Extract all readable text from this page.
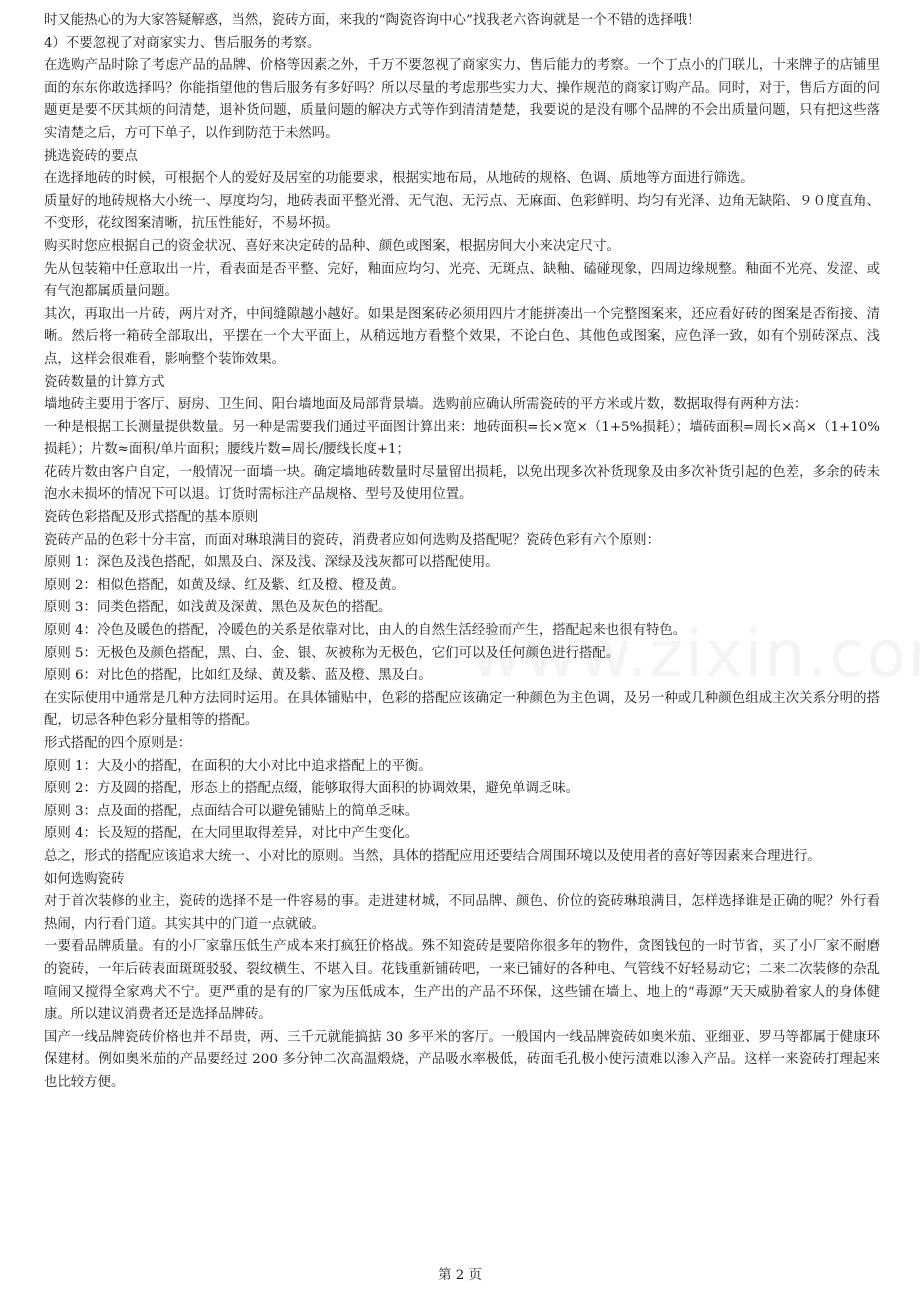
时又能热心的为大家答疑解惑，当然，瓷砖方面，来我的“陶瓷咨询中心”找我老六咨询就是一个不错的选择哦！

4）不要忽视了对商家实力、售后服务的考察。

在选购产品时除了考虑产品的品牌、价格等因素之外，千万不要忽视了商家实力、售后能力的考察。一个丁点小的门联儿，十来牌子的店铺里面的东东你敢选择吗？你能指望他的售后服务有多好吗？所以尽量的考虑那些实力大、操作规范的商家订购产品。同时，对于，售后方面的问题更是要不厌其烦的问清楚，退补货问题，质量问题的解决方式等作到清清楚楚，我要说的是没有哪个品牌的不会出质量问题，只有把这些落实清楚之后，方可下单子，以作到防范于未然吗。

挑选瓷砖的要点

在选择地砖的时候，可根据个人的爱好及居室的功能要求，根据实地布局，从地砖的规格、色调、质地等方面进行筛选。

质量好的地砖规格大小统一、厚度均匀，地砖表面平整光滑、无气泡、无污点、无麻面、色彩鲜明、均匀有光泽、边角无缺陷、９０度直角、不变形，花纹图案清晰，抗压性能好，不易坏损。

购买时您应根据自己的资金状况、喜好来决定砖的品种、颜色或图案，根据房间大小来决定尺寸。

先从包装箱中任意取出一片，看表面是否平整、完好，釉面应均匀、光亮、无斑点、缺釉、磕碰现象，四周边缘规整。釉面不光亮、发涩、或有气泡都属质量问题。

其次，再取出一片砖，两片对齐，中间缝隙越小越好。如果是图案砖必须用四片才能拼凑出一个完整图案来，还应看好砖的图案是否衔接、清晰。然后将一箱砖全部取出，平摆在一个大平面上，从稍远地方看整个效果，不论白色、其他色或图案，应色泽一致，如有个别砖深点、浅点，这样会很难看，影响整个装饰效果。

瓷砖数量的计算方式

墙地砖主要用于客厅、厨房、卫生间、阳台墙地面及局部背景墙。选购前应确认所需瓷砖的平方米或片数，数据取得有两种方法：

一种是根据工长测量提供数量。另一种是需要我们通过平面图计算出来：地砖面积=长×宽×（1+5%损耗）；墙砖面积=周长×高×（1+10%损耗）；片数≈面积/单片面积；腰线片数=周长/腰线长度+1；

花砖片数由客户自定，一般情况一面墙一块。确定墙地砖数量时尽量留出损耗，以免出现多次补货现象及由多次补货引起的色差，多余的砖未泡水未损坏的情况下可以退。订货时需标注产品规格、型号及使用位置。

瓷砖色彩搭配及形式搭配的基本原则

瓷砖产品的色彩十分丰富，而面对琳琅满目的瓷砖，消费者应如何选购及搭配呢？瓷砖色彩有六个原则：

原则 1：深色及浅色搭配，如黑及白、深及浅、深绿及浅灰都可以搭配使用。

原则 2：相似色搭配，如黄及绿、红及紫、红及橙、橙及黄。

原则 3：同类色搭配，如浅黄及深黄、黑色及灰色的搭配。

原则 4：冷色及暖色的搭配，冷暖色的关系是依靠对比，由人的自然生活经验而产生，搭配起来也很有特色。

原则 5：无极色及颜色搭配，黑、白、金、银、灰被称为无极色，它们可以及任何颜色进行搭配。

原则 6：对比色的搭配，比如红及绿、黄及紫、蓝及橙、黑及白。

在实际使用中通常是几种方法同时运用。在具体铺贴中，色彩的搭配应该确定一种颜色为主色调，及另一种或几种颜色组成主次关系分明的搭配，切忌各种色彩分量相等的搭配。

形式搭配的四个原则是：

原则 1：大及小的搭配，在面积的大小对比中追求搭配上的平衡。

原则 2：方及圆的搭配，形态上的搭配点缀，能够取得大面积的协调效果，避免单调乏味。

原则 3：点及面的搭配，点面结合可以避免铺贴上的简单乏味。

原则 4：长及短的搭配，在大同里取得差异，对比中产生变化。

总之，形式的搭配应该追求大统一、小对比的原则。当然，具体的搭配应用还要结合周围环境以及使用者的喜好等因素来合理进行。

如何选购瓷砖

对于首次装修的业主，瓷砖的选择不是一件容易的事。走进建材城，不同品牌、颜色、价位的瓷砖琳琅满目，怎样选择谁是正确的呢？外行看热闹，内行看门道。其实其中的门道一点就破。

一要看品牌质量。有的小厂家靠压低生产成本来打疯狂价格战。殊不知瓷砖是要陪你很多年的物件，贪图钱包的一时节省，买了小厂家不耐磨的瓷砖，一年后砖表面斑斑驳驳、裂纹横生、不堪入目。花钱重新铺砖吧，一来已铺好的各种电、气管线不好轻易动它；二来二次装修的杂乱喧闹又搅得全家鸡犬不宁。更严重的是有的厂家为压低成本，生产出的产品不环保，这些铺在墙上、地上的“毒源”天天威胁着家人的身体健康。所以建议消费者还是选择品牌砖。

国产一线品牌瓷砖价格也并不昂贵，两、三千元就能搞掂 30 多平米的客厅。一般国内一线品牌瓷砖如奥米茄、亚细亚、罗马等都属于健康环保建材。例如奥米茄的产品要经过 200 多分钟二次高温煅烧，产品吸水率极低，砖面毛孔极小使污渍难以渗入产品。这样一来瓷砖打理起来也比较方便。

第 2 页
